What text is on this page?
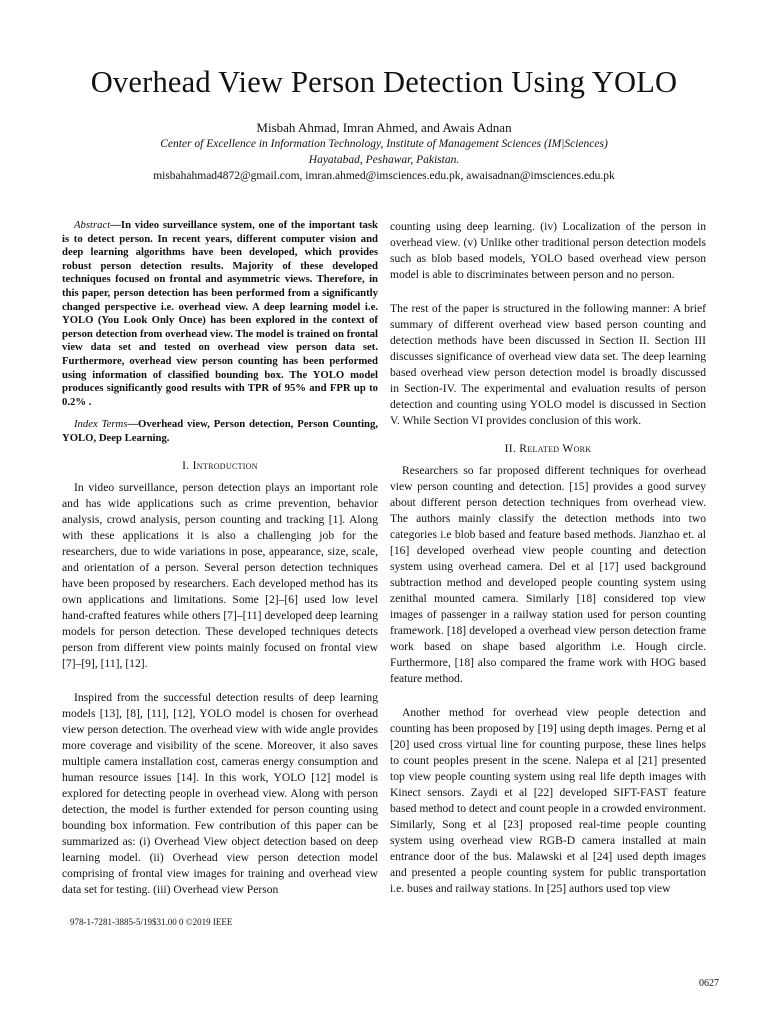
Overhead View Person Detection Using YOLO
Misbah Ahmad, Imran Ahmed, and Awais Adnan
Center of Excellence in Information Technology, Institute of Management Sciences (IM|Sciences)
Hayatabad, Peshawar, Pakistan.
misbahahmad4872@gmail.com, imran.ahmed@imsciences.edu.pk, awaisadnan@imsciences.edu.pk

Abstract—In video surveillance system, one of the important task is to detect person. In recent years, different computer vision and deep learning algorithms have been developed, which provides robust person detection results. Majority of these developed techniques focused on frontal and asymmetric views. Therefore, in this paper, person detection has been performed from a significantly changed perspective i.e. overhead view. A deep learning model i.e. YOLO (You Look Only Once) has been explored in the context of person detection from overhead view. The model is trained on frontal view data set and tested on overhead view person data set. Furthermore, overhead view person counting has been performed using information of classified bounding box. The YOLO model produces significantly good results with TPR of 95% and FPR up to 0.2% .

Index Terms—Overhead view, Person detection, Person Counting, YOLO, Deep Learning.

I. Introduction

In video surveillance, person detection plays an important role and has wide applications such as crime prevention, behavior analysis, crowd analysis, person counting and tracking [1]. Along with these applications it is also a challenging job for the researchers, due to wide variations in pose, appearance, size, scale, and orientation of a person. Several person detection techniques have been proposed by researchers. Each developed method has its own applications and limitations. Some [2]–[6] used low level hand-crafted features while others [7]–[11] developed deep learning models for person detection. These developed techniques detects person from different view points mainly focused on frontal view [7]–[9], [11], [12].

Inspired from the successful detection results of deep learning models [13], [8], [11], [12], YOLO model is chosen for overhead view person detection. The overhead view with wide angle provides more coverage and visibility of the scene. Moreover, it also saves multiple camera installation cost, cameras energy consumption and human resource issues [14]. In this work, YOLO [12] model is explored for detecting people in overhead view. Along with person detection, the model is further extended for person counting using bounding box information. Few contribution of this paper can be summarized as: (i) Overhead View object detection based on deep learning model. (ii) Overhead view person detection model comprising of frontal view images for training and overhead view data set for testing. (iii) Overhead view Person

counting using deep learning. (iv) Localization of the person in overhead view. (v) Unlike other traditional person detection models such as blob based models, YOLO based overhead view person model is able to discriminates between person and no person.

The rest of the paper is structured in the following manner: A brief summary of different overhead view based person counting and detection methods have been discussed in Section II. Section III discusses significance of overhead view data set. The deep learning based overhead view person detection model is broadly discussed in Section-IV. The experimental and evaluation results of person detection and counting using YOLO model is discussed in Section V. While Section VI provides conclusion of this work.

II. Related Work

Researchers so far proposed different techniques for overhead view person counting and detection. [15] provides a good survey about different person detection techniques from overhead view. The authors mainly classify the detection methods into two categories i.e blob based and feature based methods. Jianzhao et. al [16] developed overhead view people counting and detection system using overhead camera. Del et al [17] used background subtraction method and developed people counting system using zenithal mounted camera. Similarly [18] considered top view images of passenger in a railway station used for person counting framework. [18] developed a overhead view person detection frame work based on shape based algorithm i.e. Hough circle. Furthermore, [18] also compared the frame work with HOG based feature method.

Another method for overhead view people detection and counting has been proposed by [19] using depth images. Perng et al [20] used cross virtual line for counting purpose, these lines helps to count peoples present in the scene. Nalepa et al [21] presented top view people counting system using real life depth images with Kinect sensors. Zaydi et al [22] developed SIFT-FAST feature based method to detect and count people in a crowded environment. Similarly, Song et al [23] proposed real-time people counting system using overhead view RGB-D camera installed at main entrance door of the bus. Malawski et al [24] used depth images and presented a people counting system for public transportation i.e. buses and railway stations. In [25] authors used top view

978-1-7281-3885-5/19$31.00 0 ©2019 IEEE
0627
